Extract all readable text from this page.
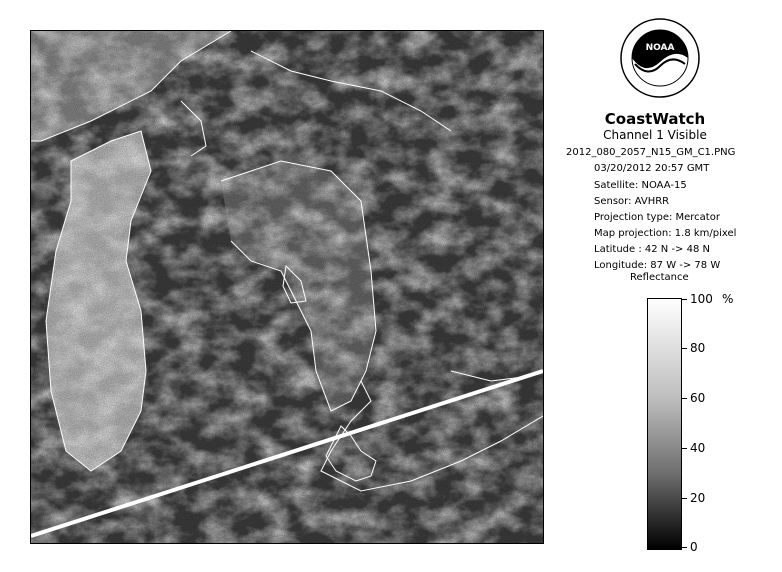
NOAA
CoastWatch
Channel 1 Visible
2012_080_2057_N15_GM_C1.PNG
03/20/2012 20:57 GMT
Satellite: NOAA-15
Sensor: AVHRR
Projection type: Mercator
Map projection: 1.8 km/pixel
Latitude : 42 N -> 48 N
Longitude: 87 W -> 78 W
Reflectance
%
100
80
60
40
20
0
